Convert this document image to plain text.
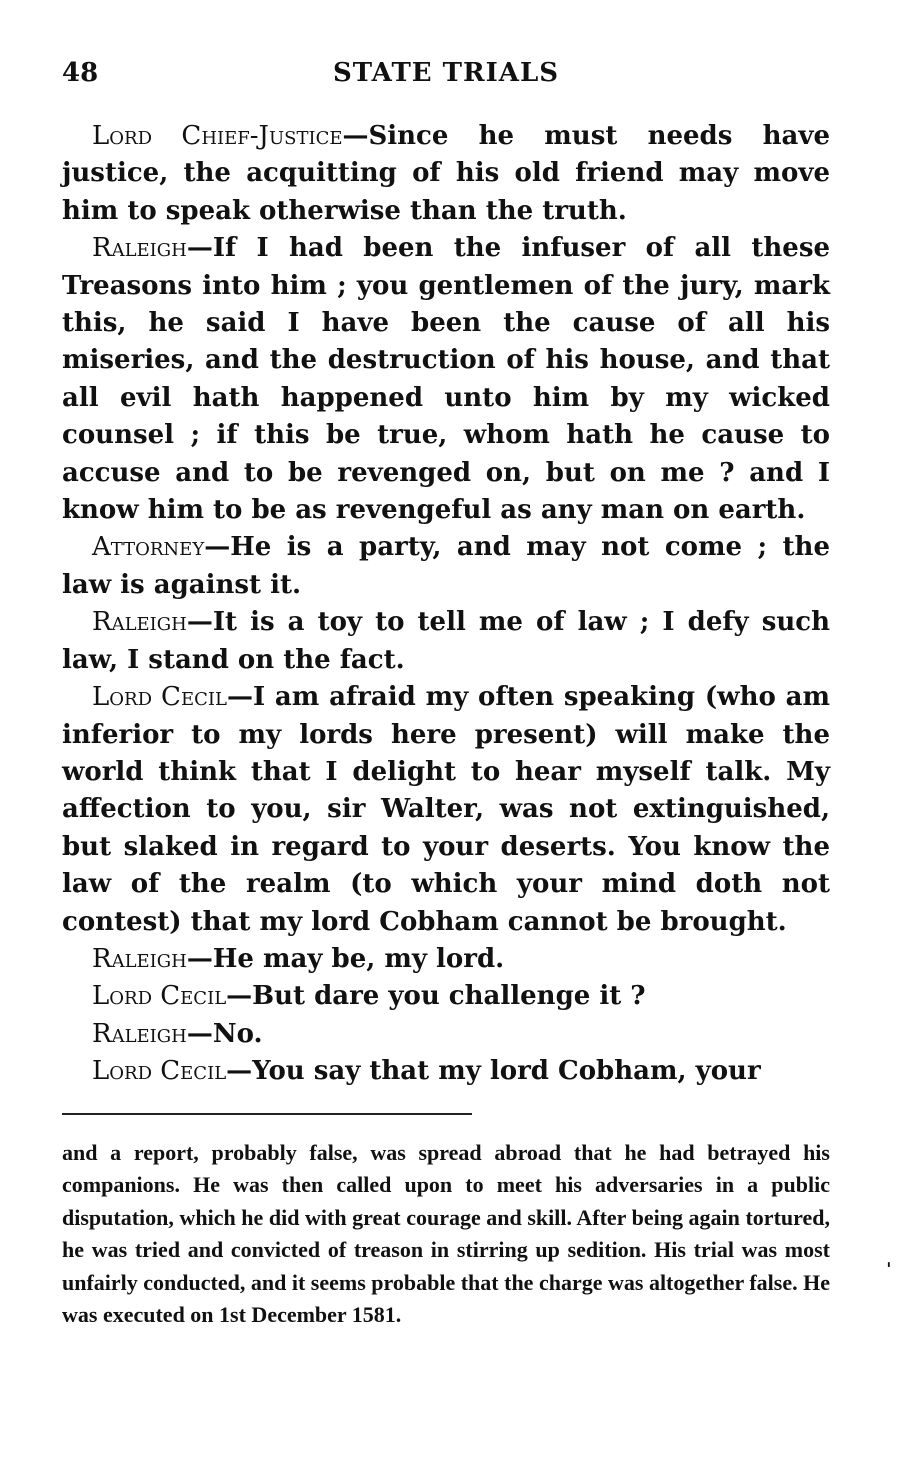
48	STATE TRIALS

Lord Chief-Justice—Since he must needs have justice, the acquitting of his old friend may move him to speak otherwise than the truth.

Raleigh—If I had been the infuser of all these Treasons into him ; you gentlemen of the jury, mark this, he said I have been the cause of all his miseries, and the destruction of his house, and that all evil hath happened unto him by my wicked counsel ; if this be true, whom hath he cause to accuse and to be revenged on, but on me ? and I know him to be as revengeful as any man on earth.

Attorney—He is a party, and may not come ; the law is against it.

Raleigh—It is a toy to tell me of law ; I defy such law, I stand on the fact.

Lord Cecil—I am afraid my often speaking (who am inferior to my lords here present) will make the world think that I delight to hear myself talk. My affection to you, sir Walter, was not extinguished, but slaked in regard to your deserts. You know the law of the realm (to which your mind doth not contest) that my lord Cobham cannot be brought.

Raleigh—He may be, my lord.

Lord Cecil—But dare you challenge it ?

Raleigh—No.

Lord Cecil—You say that my lord Cobham, your

and a report, probably false, was spread abroad that he had betrayed his companions. He was then called upon to meet his adversaries in a public disputation, which he did with great courage and skill. After being again tortured, he was tried and convicted of treason in stirring up sedition. His trial was most unfairly conducted, and it seems probable that the charge was altogether false. He was executed on 1st December 1581.

ˈ
